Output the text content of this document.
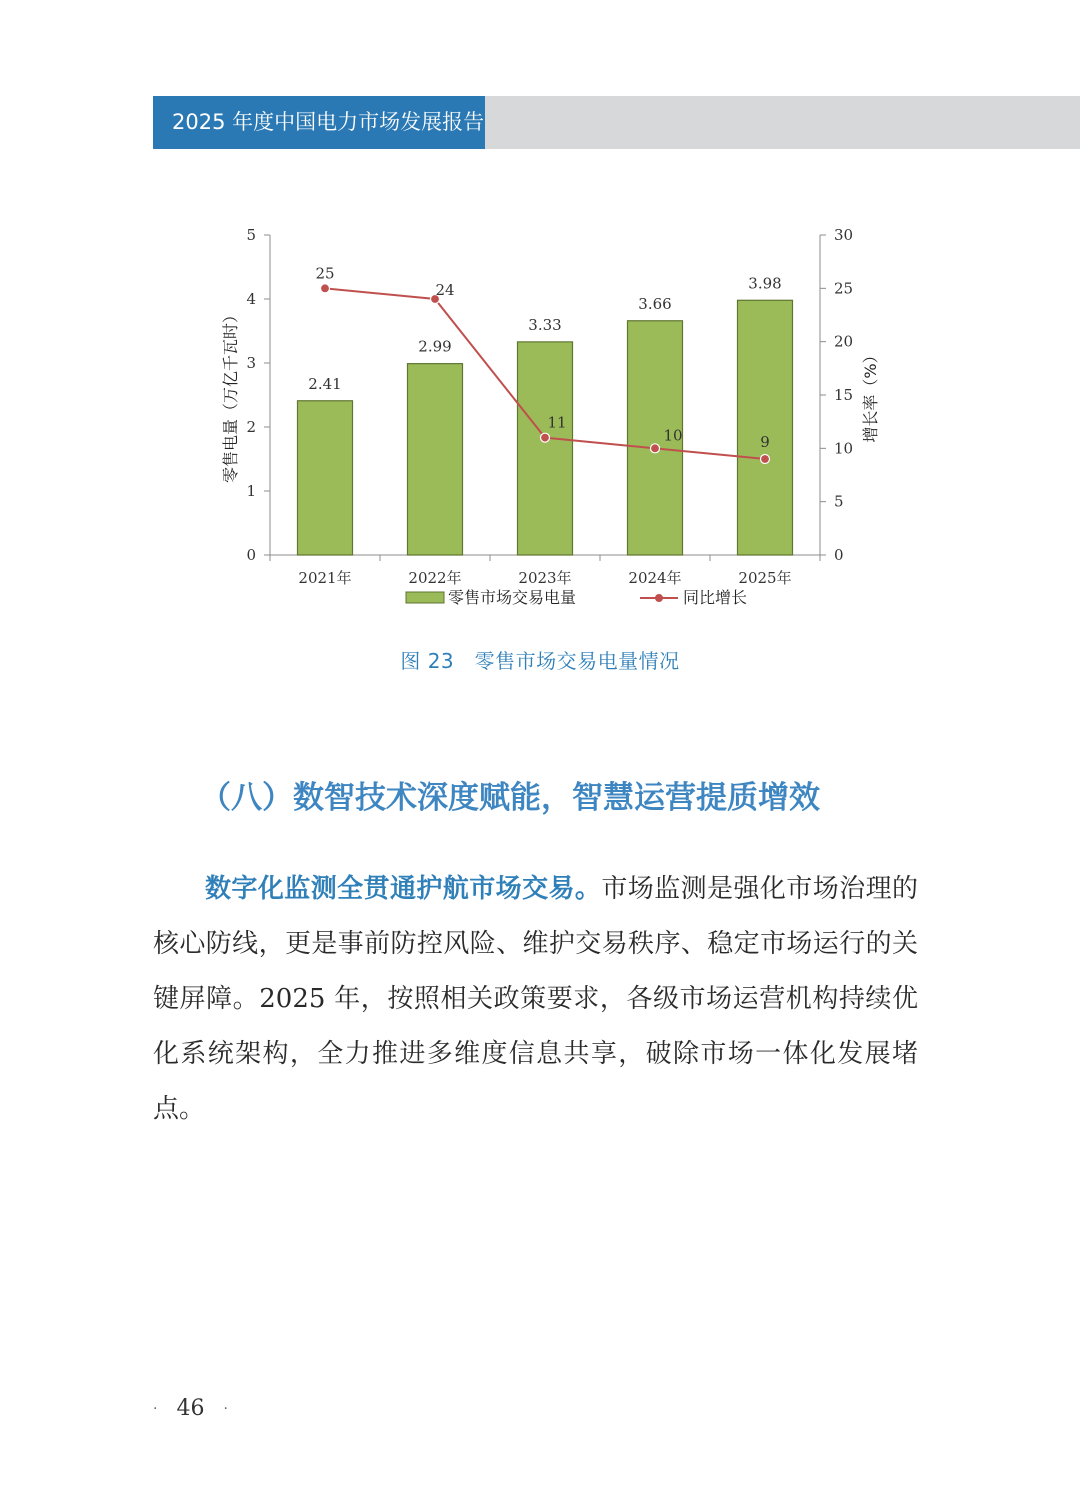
2025 年度中国电力市场发展报告
0
1
2
3
4
5
0
5
10
15
20
25
30
2.41
2021年
2.99
2022年
3.33
2023年
3.66
2024年
3.98
2025年
25
24
11
10	9
零售电量（万亿千瓦时）	增长率（%）
零售市场交易电量	同比增长
图 23　零售市场交易电量情况
（八）数智技术深度赋能，智慧运营提质增效
数字化监测全贯通护航市场交易。市场监测是强化市场治理的核心防线，更是事前防控风险、维护交易秩序、稳定市场运行的关键屏障。2025 年，按照相关政策要求，各级市场运营机构持续优化系统架构，全力推进多维度信息共享，破除市场一体化发展堵点。
· 46 ·
